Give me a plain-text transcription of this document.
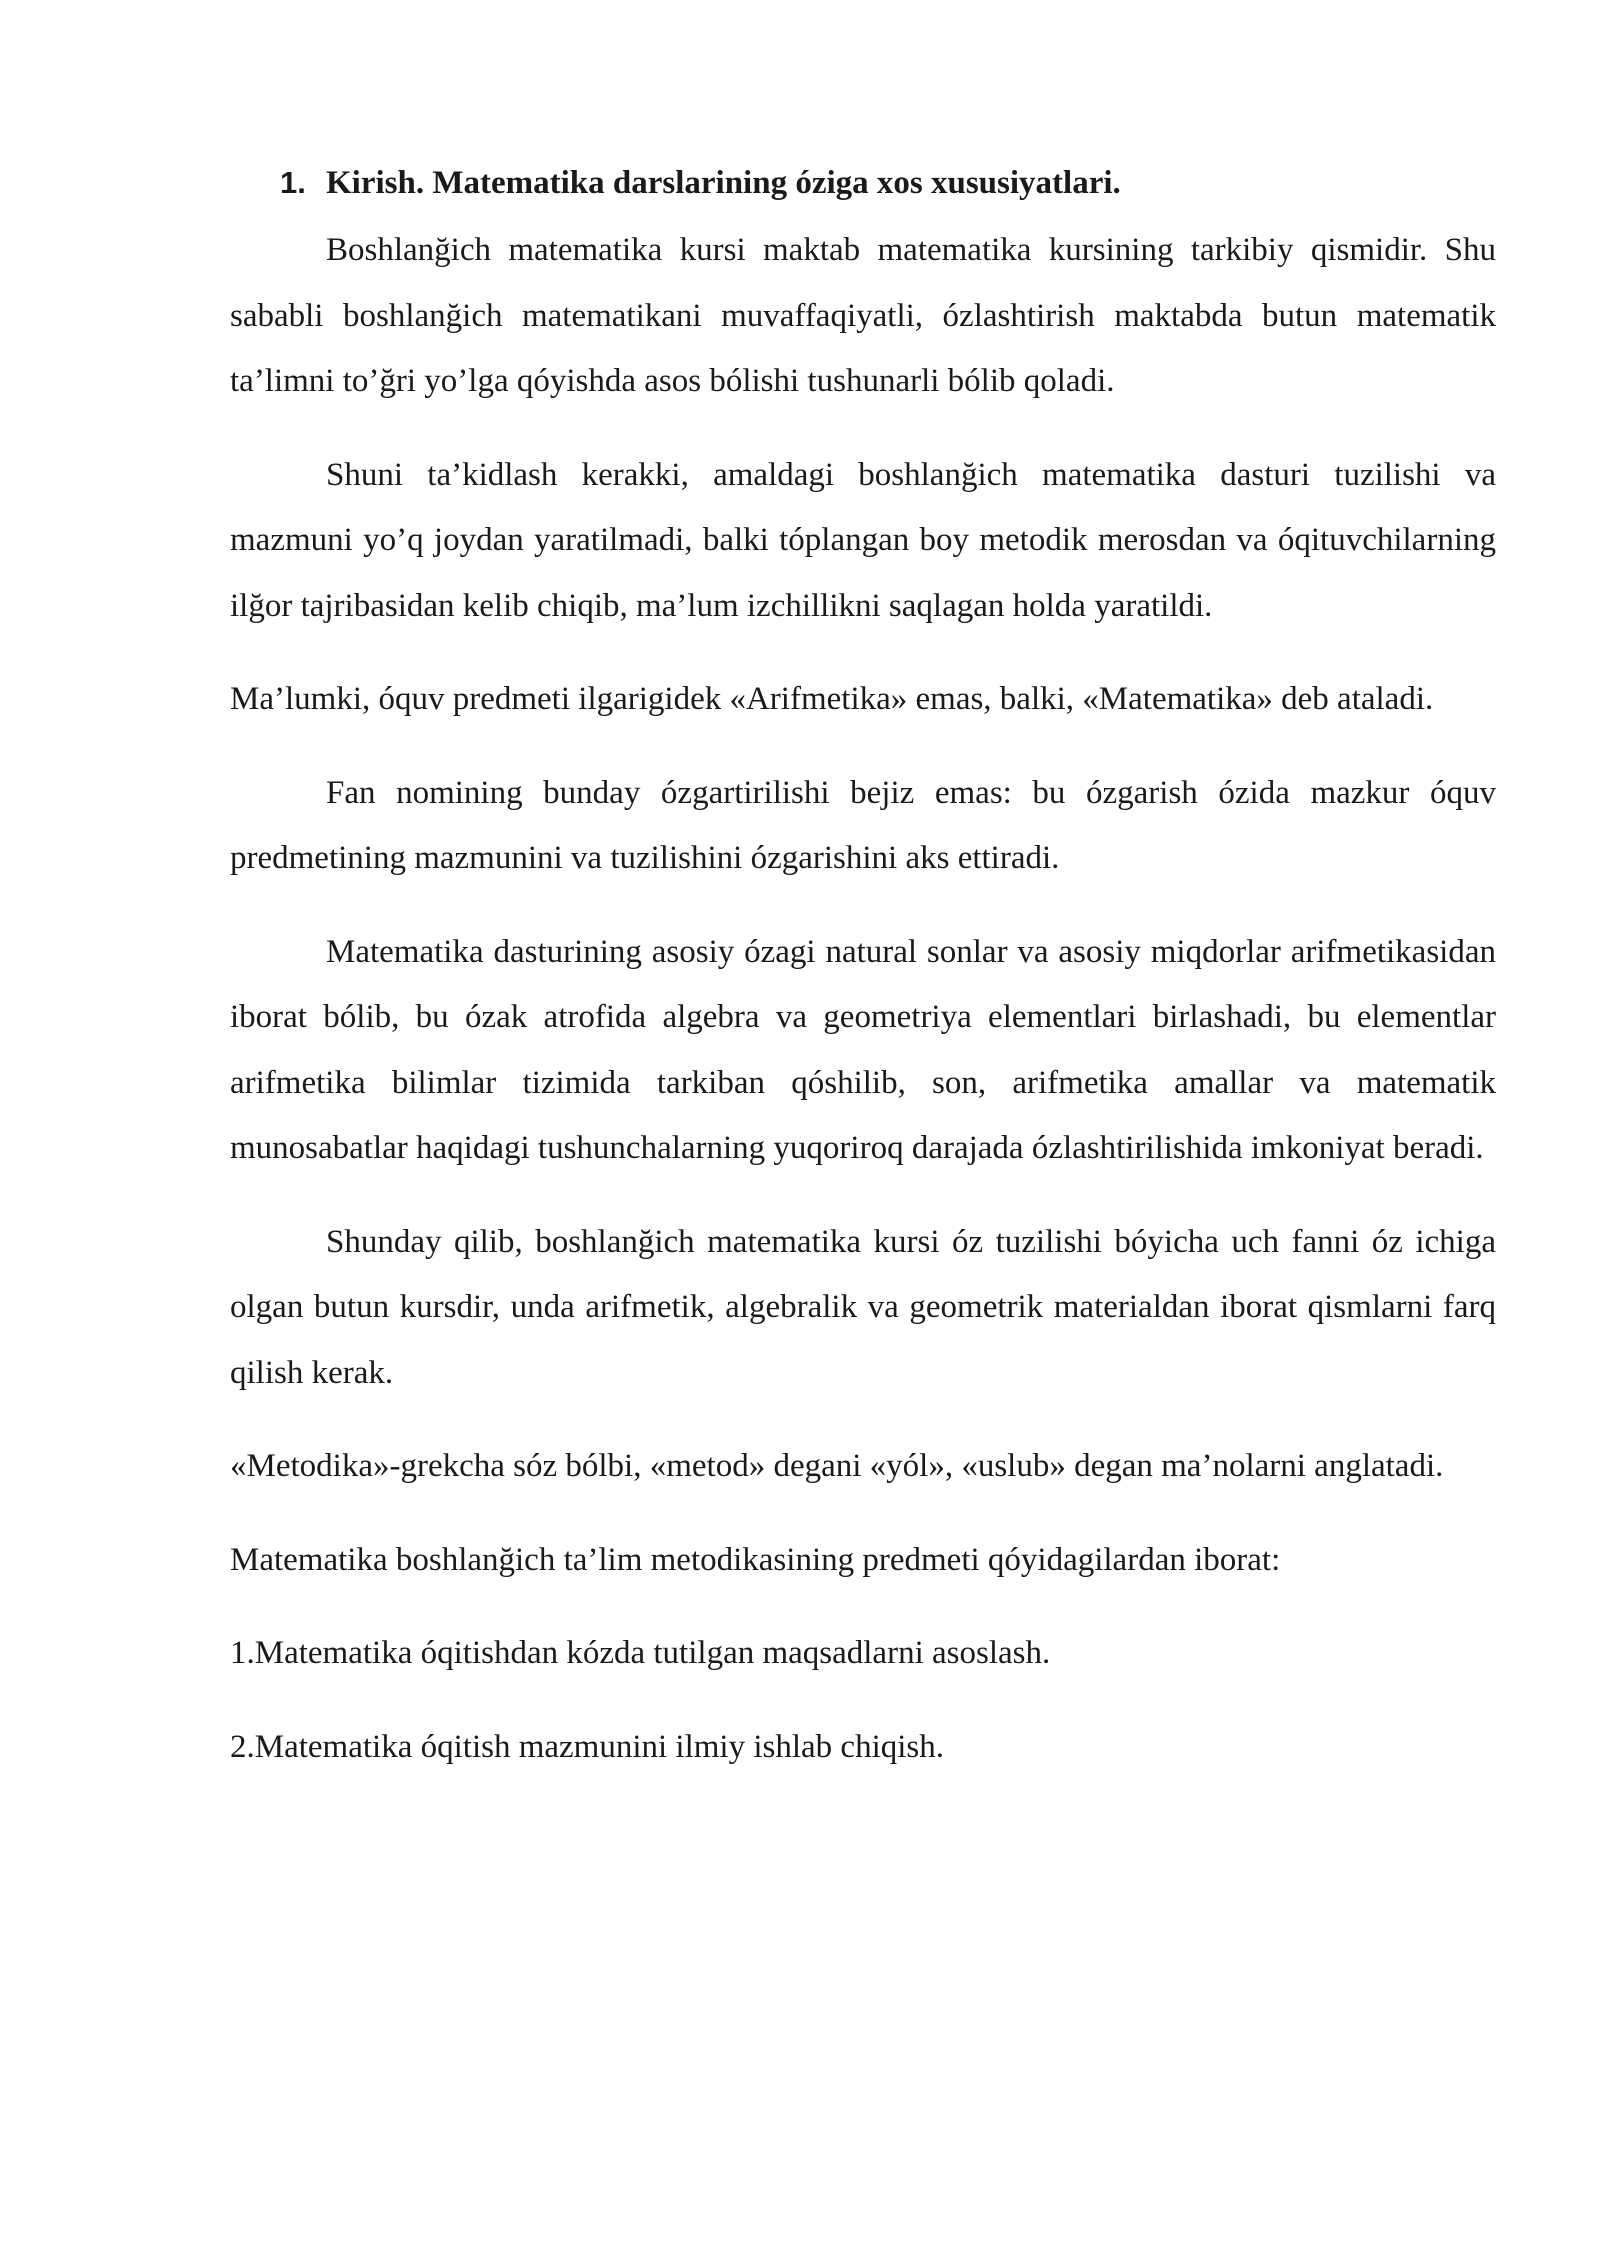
1. Kirish. Matematika darslarining óziga xos xususiyatlari.

Boshlanğich matematika kursi maktab matematika kursining tarkibiy qismidir. Shu sababli boshlanğich matematikani muvaffaqiyatli, ózlashtirish maktabda butun matematik ta’limni to’ğri yo’lga qóyishda asos bólishi tushunarli bólib qoladi.

Shuni ta’kidlash kerakki, amaldagi boshlanğich matematika dasturi tuzilishi va mazmuni yo’q joydan yaratilmadi, balki tóplangan boy metodik merosdan va óqituvchilarning ilğor tajribasidan kelib chiqib, ma’lum izchillikni saqlagan holda yaratildi.

Ma’lumki, óquv predmeti ilgarigidek «Arifmetika» emas, balki, «Matematika» deb ataladi.

Fan nomining bunday ózgartirilishi bejiz emas: bu ózgarish ózida mazkur óquv predmetining mazmunini va tuzilishini ózgarishini aks ettiradi.

Matematika dasturining asosiy ózagi natural sonlar va asosiy miqdorlar arifmetikasidan iborat bólib, bu ózak atrofida algebra va geometriya elementlari birlashadi, bu elementlar arifmetika bilimlar tizimida tarkiban qóshilib, son, arifmetika amallar va matematik munosabatlar haqidagi tushunchalarning yuqoriroq darajada ózlashtirilishida imkoniyat beradi.

Shunday qilib, boshlanğich matematika kursi óz tuzilishi bóyicha uch fanni óz ichiga olgan butun kursdir, unda arifmetik, algebralik va geometrik materialdan iborat qismlarni farq qilish kerak.

«Metodika»-grekcha sóz bólbi, «metod» degani «yól», «uslub» degan ma’nolarni anglatadi.

Matematika boshlanğich ta’lim metodikasining predmeti qóyidagilardan iborat:

1.Matematika óqitishdan kózda tutilgan maqsadlarni asoslash.

2.Matematika óqitish mazmunini ilmiy ishlab chiqish.
